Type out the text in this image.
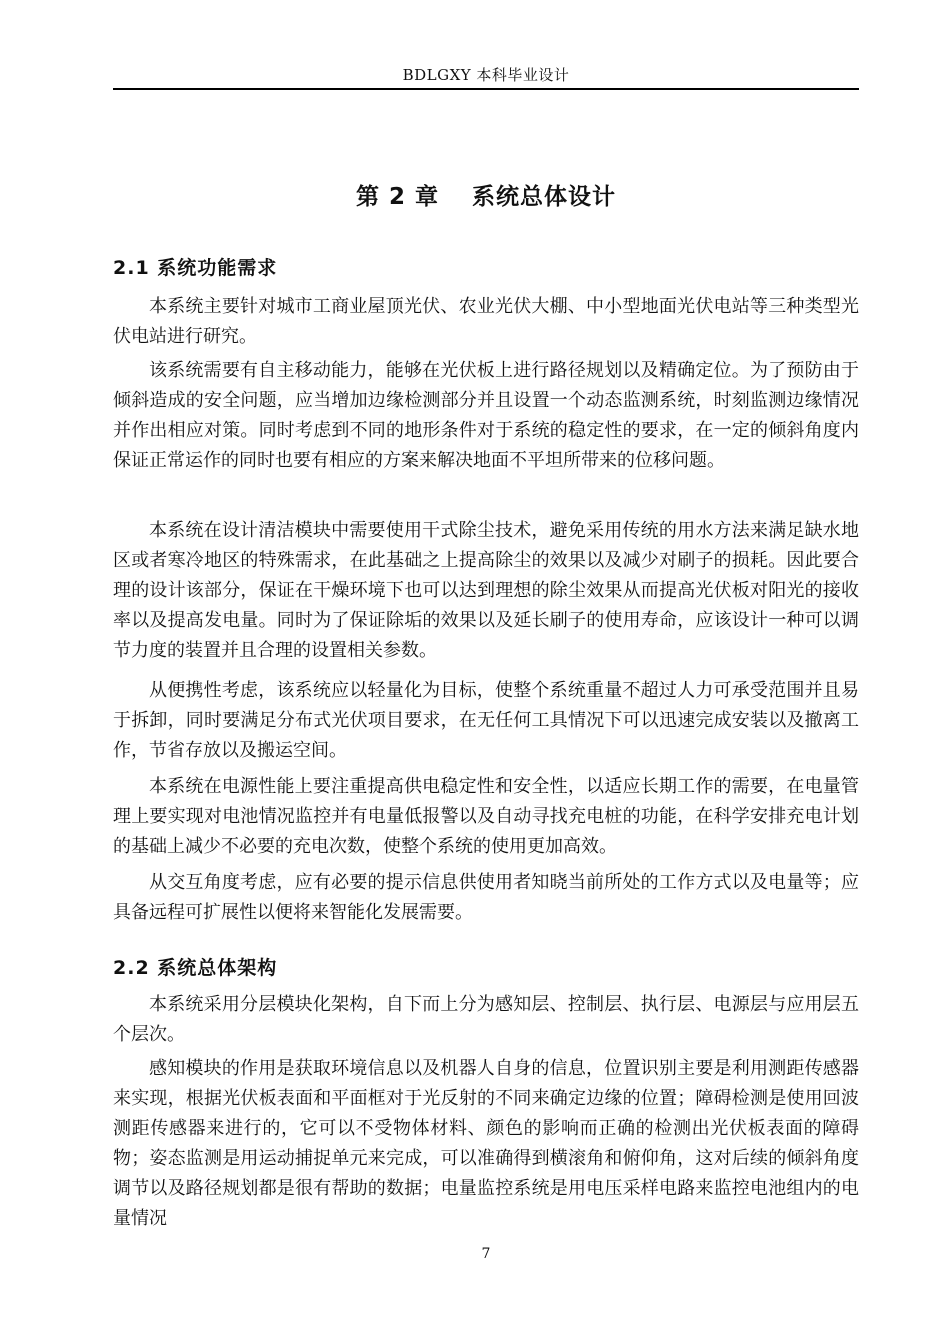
BDLGXY 本科毕业设计
第 2 章　 系统总体设计
2.1 系统功能需求

本系统主要针对城市工商业屋顶光伏、农业光伏大棚、中小型地面光伏电站等三种类型光伏电站进行研究。

该系统需要有自主移动能力，能够在光伏板上进行路径规划以及精确定位。为了预防由于倾斜造成的安全问题，应当增加边缘检测部分并且设置一个动态监测系统，时刻监测边缘情况并作出相应对策。同时考虑到不同的地形条件对于系统的稳定性的要求，在一定的倾斜角度内保证正常运作的同时也要有相应的方案来解决地面不平坦所带来的位移问题。

本系统在设计清洁模块中需要使用干式除尘技术，避免采用传统的用水方法来满足缺水地区或者寒冷地区的特殊需求，在此基础之上提高除尘的效果以及减少对刷子的损耗。因此要合理的设计该部分，保证在干燥环境下也可以达到理想的除尘效果从而提高光伏板对阳光的接收率以及提高发电量。同时为了保证除垢的效果以及延长刷子的使用寿命，应该设计一种可以调节力度的装置并且合理的设置相关参数。

从便携性考虑，该系统应以轻量化为目标，使整个系统重量不超过人力可承受范围并且易于拆卸，同时要满足分布式光伏项目要求，在无任何工具情况下可以迅速完成安装以及撤离工作，节省存放以及搬运空间。

本系统在电源性能上要注重提高供电稳定性和安全性，以适应长期工作的需要，在电量管理上要实现对电池情况监控并有电量低报警以及自动寻找充电桩的功能，在科学安排充电计划的基础上减少不必要的充电次数，使整个系统的使用更加高效。

从交互角度考虑，应有必要的提示信息供使用者知晓当前所处的工作方式以及电量等；应具备远程可扩展性以便将来智能化发展需要。

2.2 系统总体架构

本系统采用分层模块化架构，自下而上分为感知层、控制层、执行层、电源层与应用层五个层次。

感知模块的作用是获取环境信息以及机器人自身的信息，位置识别主要是利用测距传感器来实现，根据光伏板表面和平面框对于光反射的不同来确定边缘的位置；障碍检测是使用回波测距传感器来进行的，它可以不受物体材料、颜色的影响而正确的检测出光伏板表面的障碍物；姿态监测是用运动捕捉单元来完成，可以准确得到横滚角和俯仰角，这对后续的倾斜角度调节以及路径规划都是很有帮助的数据；电量监控系统是用电压采样电路来监控电池组内的电量情况

7
